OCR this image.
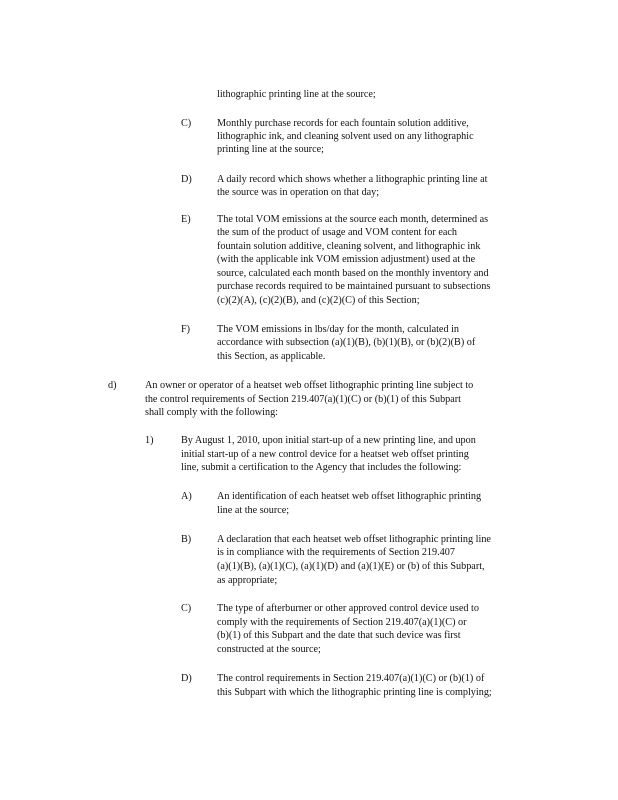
lithographic printing line at the source;
C)	Monthly purchase records for each fountain solution additive,
lithographic ink, and cleaning solvent used on any lithographic
printing line at the source;
D) A daily record which shows whether a lithographic printing line at
the source was in operation on that day;
E)	The total VOM emissions at the source each month, determined as
the sum of the product of usage and VOM content for each
fountain solution additive, cleaning solvent, and lithographic ink
(with the applicable ink VOM emission adjustment) used at the
source, calculated each month based on the monthly inventory and
purchase records required to be maintained pursuant to subsections
(c)(2)(A), (c)(2)(B), and (c)(2)(C) of this Section;
F)	The VOM emissions in lbs/day for the month, calculated in
accordance with subsection (a)(1)(B), (b)(1)(B), or (b)(2)(B) of
this Section, as applicable.
d)	An owner or operator of a heatset web offset lithographic printing line subject to
the control requirements of Section 219.407(a)(1)(C) or (b)(1) of this Subpart
shall comply with the following:
1)	By August 1, 2010, upon initial start-up of a new printing line, and upon
initial start-up of a new control device for a heatset web offset printing
line, submit a certification to the Agency that includes the following:
A) An identification of each heatset web offset lithographic printing
line at the source;
B)	A declaration that each heatset web offset lithographic printing line
is in compliance with the requirements of Section 219.407
(a)(1)(B), (a)(1)(C), (a)(1)(D) and (a)(1)(E) or (b) of this Subpart,
as appropriate;
C)	The type of afterburner or other approved control device used to
comply with the requirements of Section 219.407(a)(1)(C) or
(b)(1) of this Subpart and the date that such device was first
constructed at the source;
D) The control requirements in Section 219.407(a)(1)(C) or (b)(1) of
this Subpart with which the lithographic printing line is complying;
